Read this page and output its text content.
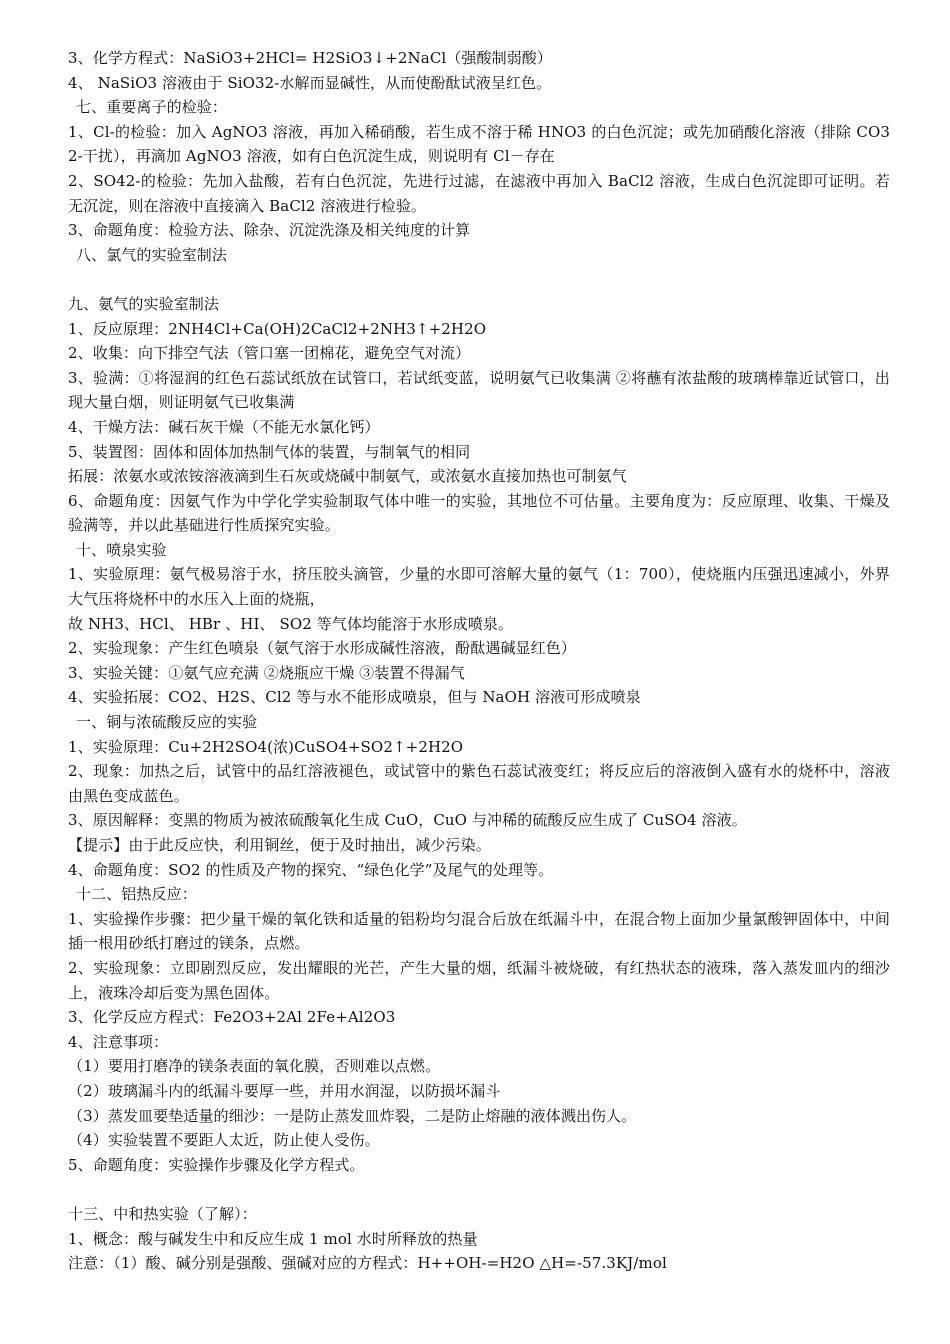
3、化学方程式：NaSiO3+2HCl= H2SiO3↓+2NaCl（强酸制弱酸）
4、 NaSiO3 溶液由于 SiO32-水解而显碱性，从而使酚酞试液呈红色。
七、重要离子的检验：
1、Cl-的检验：加入 AgNO3 溶液，再加入稀硝酸，若生成不溶于稀 HNO3 的白色沉淀；或先加硝酸化溶液（排除 CO32-干扰），再滴加 AgNO3 溶液，如有白色沉淀生成，则说明有 Cl－存在
2、SO42-的检验：先加入盐酸，若有白色沉淀，先进行过滤，在滤液中再加入 BaCl2 溶液，生成白色沉淀即可证明。若无沉淀，则在溶液中直接滴入 BaCl2 溶液进行检验。
3、命题角度：检验方法、除杂、沉淀洗涤及相关纯度的计算
八、氯气的实验室制法
九、氨气的实验室制法
1、反应原理：2NH4Cl+Ca(OH)2CaCl2+2NH3↑+2H2O
2、收集：向下排空气法（管口塞一团棉花，避免空气对流）
3、验满：①将湿润的红色石蕊试纸放在试管口，若试纸变蓝，说明氨气已收集满 ②将蘸有浓盐酸的玻璃棒靠近试管口，出现大量白烟，则证明氨气已收集满
4、干燥方法：碱石灰干燥（不能无水氯化钙）
5、装置图：固体和固体加热制气体的装置，与制氧气的相同
拓展：浓氨水或浓铵溶液滴到生石灰或烧碱中制氨气，或浓氨水直接加热也可制氨气
6、命题角度：因氨气作为中学化学实验制取气体中唯一的实验，其地位不可估量。主要角度为：反应原理、收集、干燥及验满等，并以此基础进行性质探究实验。
十、喷泉实验
1、实验原理：氨气极易溶于水，挤压胶头滴管，少量的水即可溶解大量的氨气（1：700），使烧瓶内压强迅速减小，外界大气压将烧杯中的水压入上面的烧瓶，
故 NH3、HCl、 HBr 、HI、 SO2 等气体均能溶于水形成喷泉。
2、实验现象：产生红色喷泉（氨气溶于水形成碱性溶液，酚酞遇碱显红色）
3、实验关键：①氨气应充满 ②烧瓶应干燥 ③装置不得漏气
4、实验拓展：CO2、H2S、Cl2 等与水不能形成喷泉，但与 NaOH 溶液可形成喷泉
一、铜与浓硫酸反应的实验
1、实验原理：Cu+2H2SO4(浓)CuSO4+SO2↑+2H2O
2、现象：加热之后，试管中的品红溶液褪色，或试管中的紫色石蕊试液变红；将反应后的溶液倒入盛有水的烧杯中，溶液由黑色变成蓝色。
3、原因解释：变黑的物质为被浓硫酸氧化生成 CuO，CuO 与冲稀的硫酸反应生成了 CuSO4 溶液。
【提示】由于此反应快，利用铜丝，便于及时抽出，减少污染。
4、命题角度：SO2 的性质及产物的探究、“绿色化学”及尾气的处理等。
十二、铝热反应：
1、实验操作步骤：把少量干燥的氧化铁和适量的铝粉均匀混合后放在纸漏斗中，在混合物上面加少量氯酸钾固体中，中间插一根用砂纸打磨过的镁条，点燃。
2、实验现象：立即剧烈反应，发出耀眼的光芒，产生大量的烟，纸漏斗被烧破，有红热状态的液珠，落入蒸发皿内的细沙上，液珠冷却后变为黑色固体。
3、化学反应方程式：Fe2O3+2Al 2Fe+Al2O3
4、注意事项：
（1）要用打磨净的镁条表面的氧化膜，否则难以点燃。
（2）玻璃漏斗内的纸漏斗要厚一些，并用水润湿，以防损坏漏斗
（3）蒸发皿要垫适量的细沙：一是防止蒸发皿炸裂，二是防止熔融的液体溅出伤人。
（4）实验装置不要距人太近，防止使人受伤。
5、命题角度：实验操作步骤及化学方程式。
十三、中和热实验（了解）：
1、概念：酸与碱发生中和反应生成 1 mol 水时所释放的热量
注意：（1）酸、碱分别是强酸、强碱对应的方程式：H++OH-=H2O △H=-57.3KJ/mol
